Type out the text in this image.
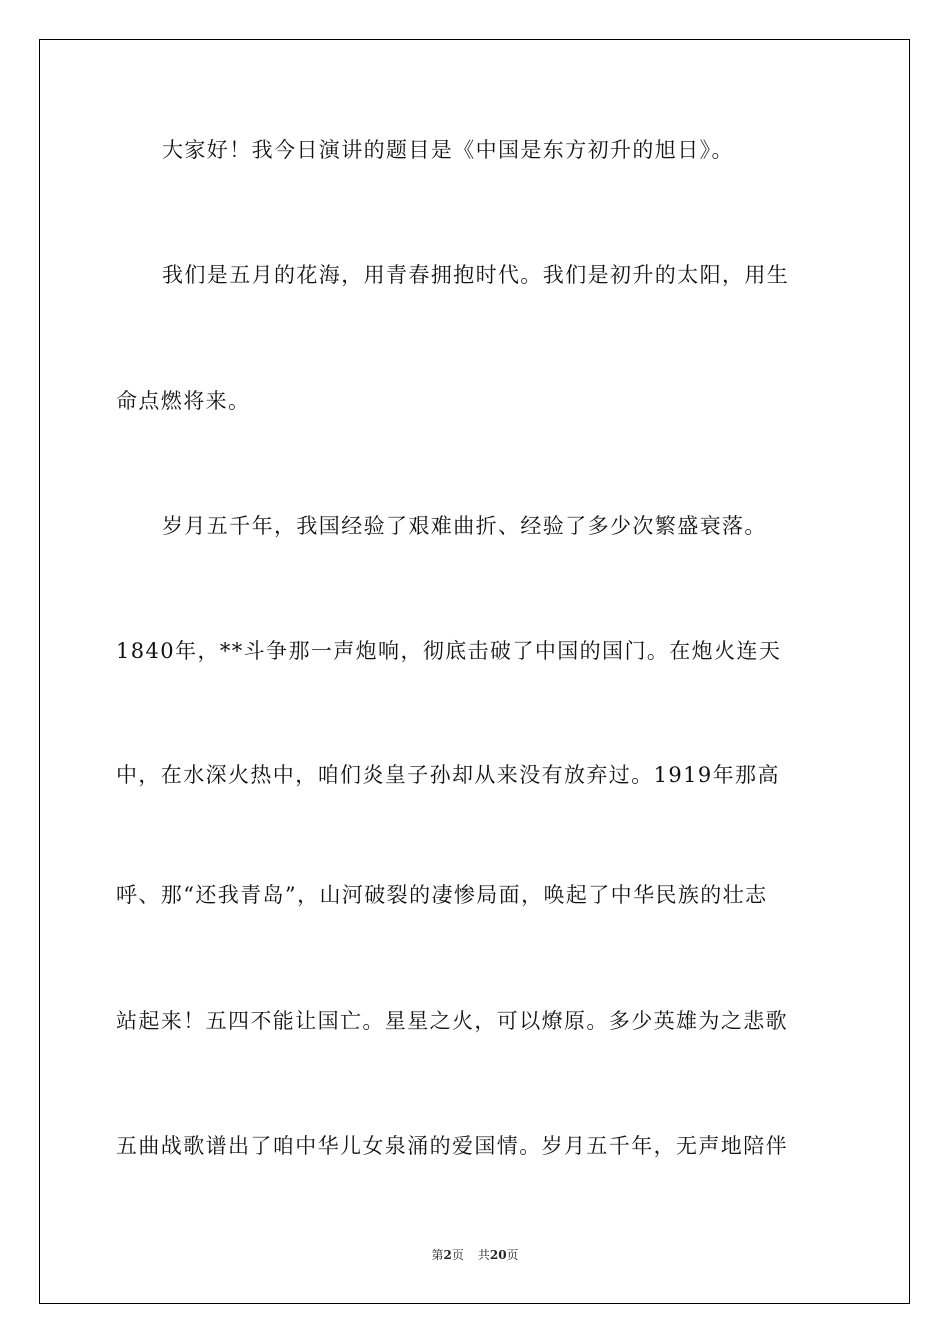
大家好！我今日演讲的题目是《中国是东方初升的旭日》。
我们是五月的花海，用青春拥抱时代。我们是初升的太阳，用生
命点燃将来。
岁月五千年，我国经验了艰难曲折、经验了多少次繁盛衰落。
1840年，**斗争那一声炮响，彻底击破了中国的国门。在炮火连天
中，在水深火热中，咱们炎皇子孙却从来没有放弃过。1919年那高
呼、那“还我青岛”，山河破裂的凄惨局面，唤起了中华民族的壮志
站起来！五四不能让国亡。星星之火，可以燎原。多少英雄为之悲歌
五曲战歌谱出了咱中华儿女泉涌的爱国情。岁月五千年，无声地陪伴
第2页 共20页
